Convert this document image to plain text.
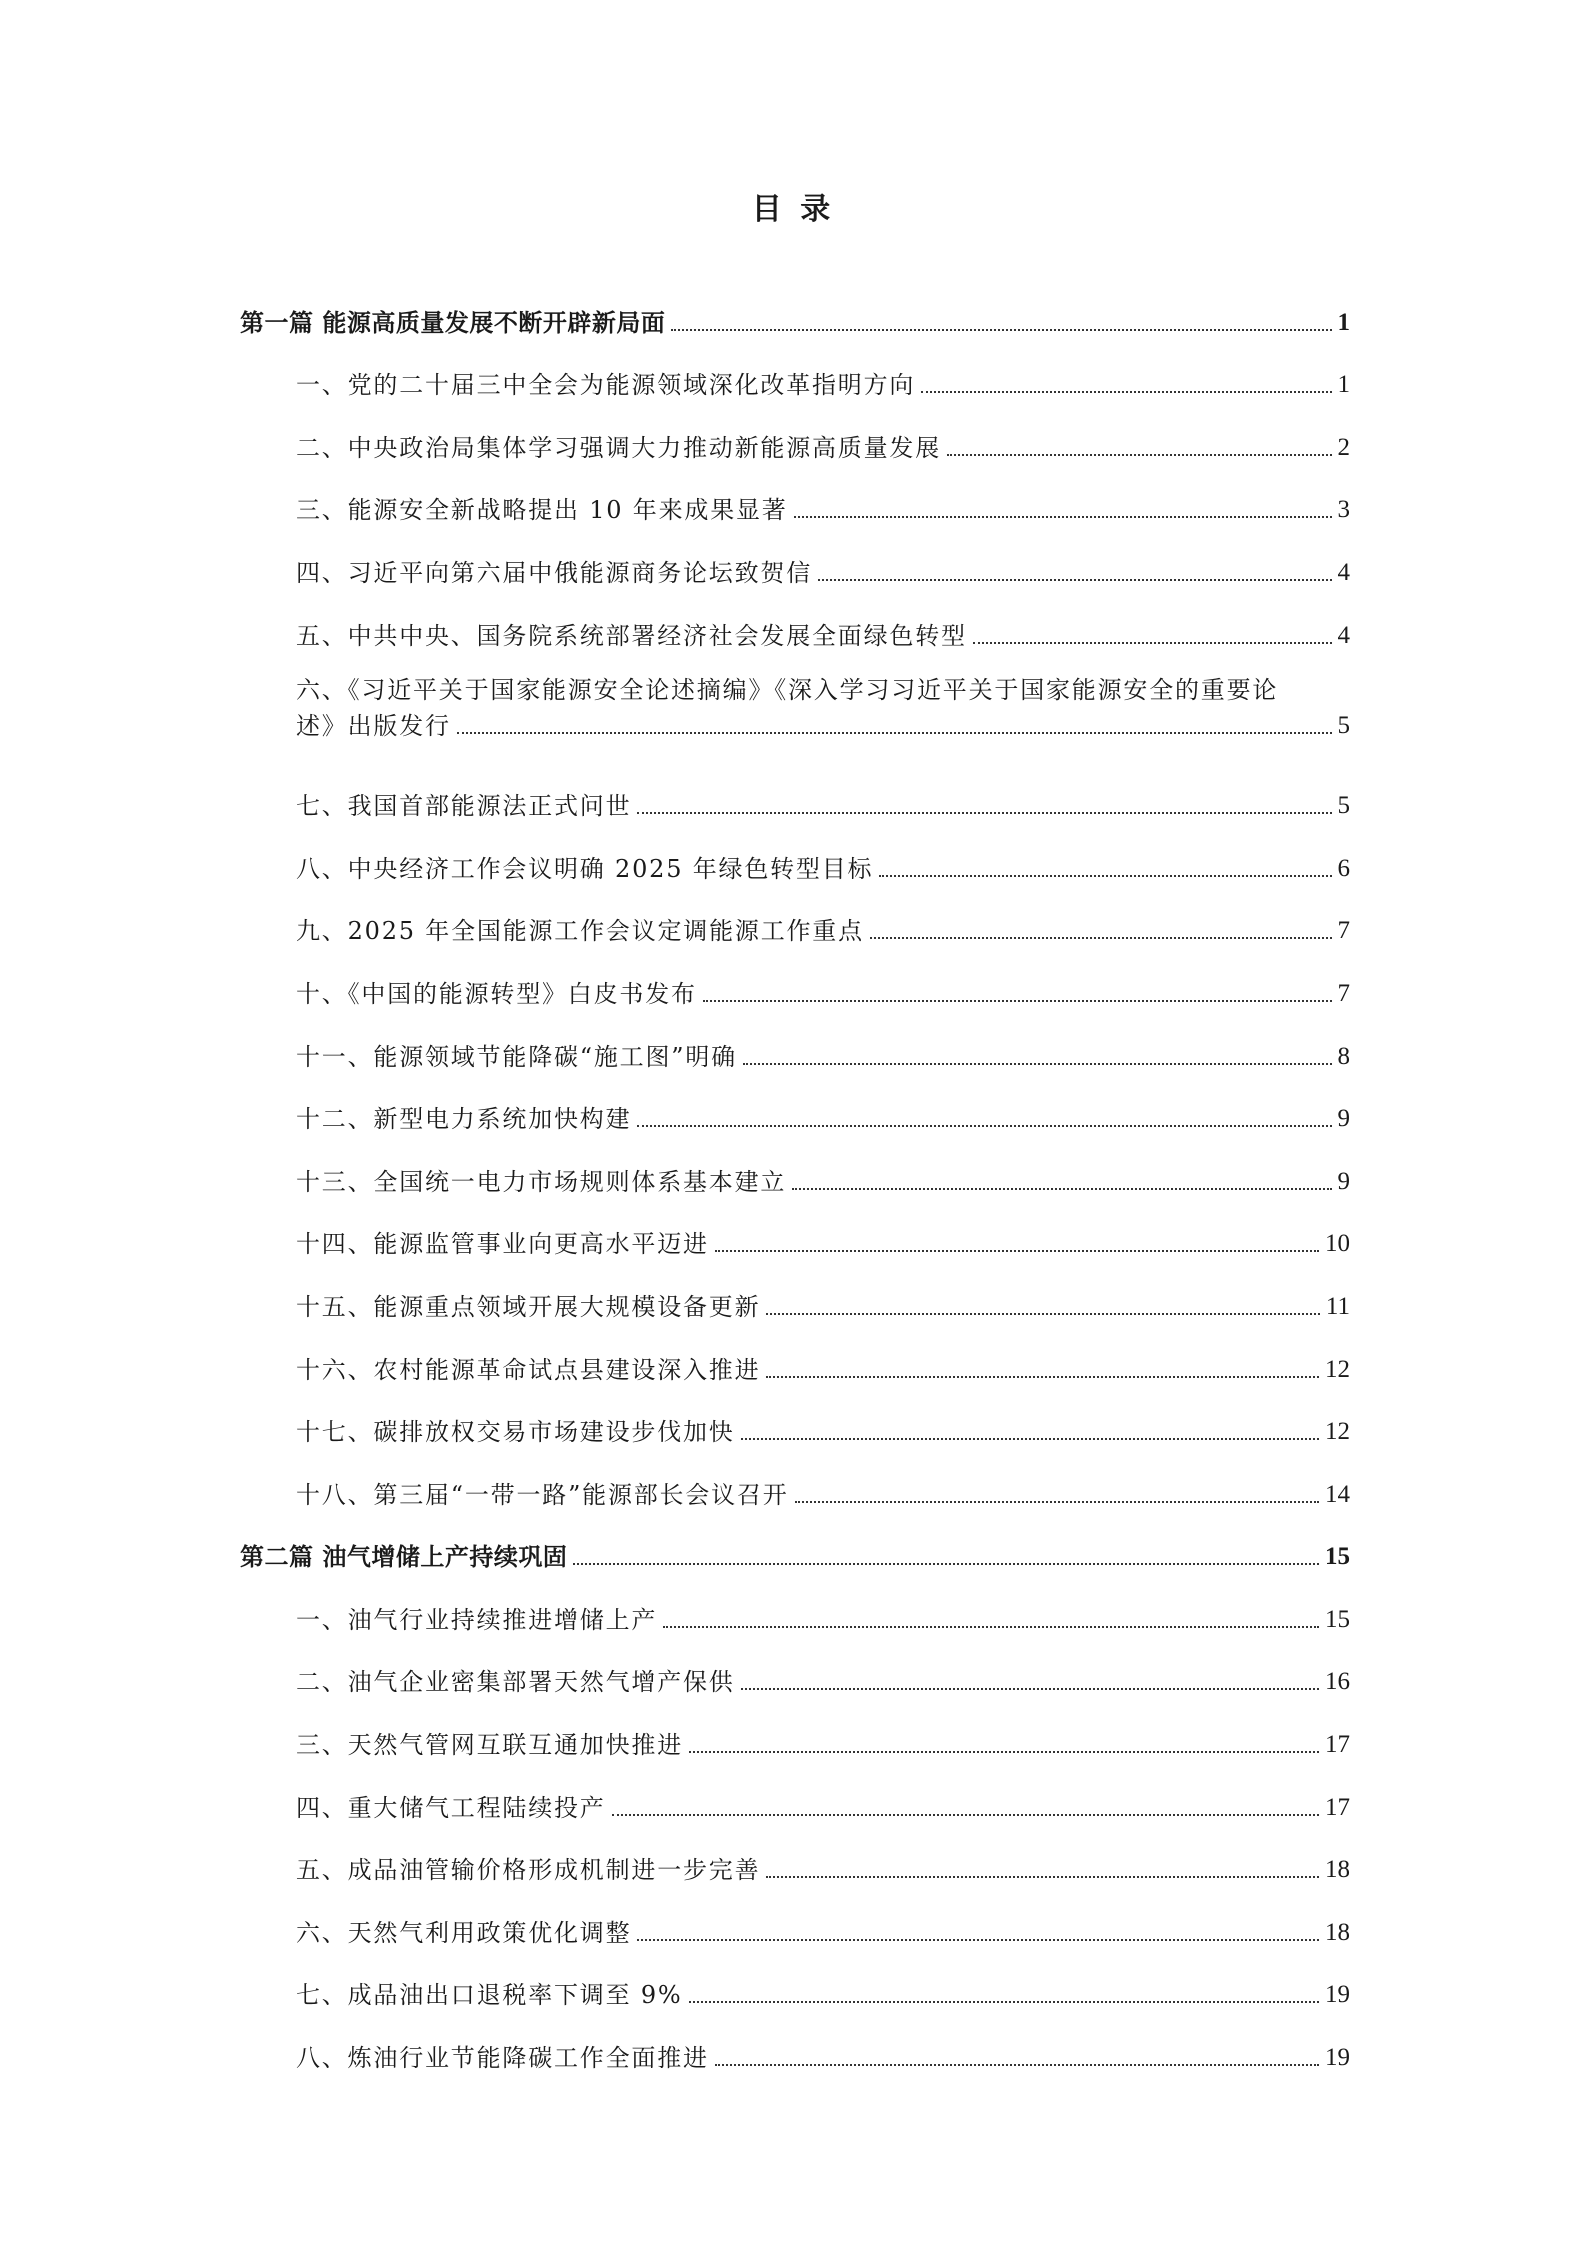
目 录
第一篇 能源高质量发展不断开辟新局面	1
一、党的二十届三中全会为能源领域深化改革指明方向	1
二、中央政治局集体学习强调大力推动新能源高质量发展	2
三、能源安全新战略提出 10 年来成果显著	3
四、习近平向第六届中俄能源商务论坛致贺信	4
五、中共中央、国务院系统部署经济社会发展全面绿色转型	4
六、《习近平关于国家能源安全论述摘编》《深入学习习近平关于国家能源安全的重要论
述》出版发行	5
七、我国首部能源法正式问世	5
八、中央经济工作会议明确 2025 年绿色转型目标	6
九、2025 年全国能源工作会议定调能源工作重点	7
十、《中国的能源转型》白皮书发布	7
十一、能源领域节能降碳“施工图”明确	8
十二、新型电力系统加快构建	9
十三、全国统一电力市场规则体系基本建立	9
十四、能源监管事业向更高水平迈进	10
十五、能源重点领域开展大规模设备更新	11
十六、农村能源革命试点县建设深入推进	12
十七、碳排放权交易市场建设步伐加快	12
十八、第三届“一带一路”能源部长会议召开	14
第二篇 油气增储上产持续巩固	15
一、油气行业持续推进增储上产	15
二、油气企业密集部署天然气增产保供	16
三、天然气管网互联互通加快推进	17
四、重大储气工程陆续投产	17
五、成品油管输价格形成机制进一步完善	18
六、天然气利用政策优化调整	18
七、成品油出口退税率下调至 9%	19
八、炼油行业节能降碳工作全面推进	19
